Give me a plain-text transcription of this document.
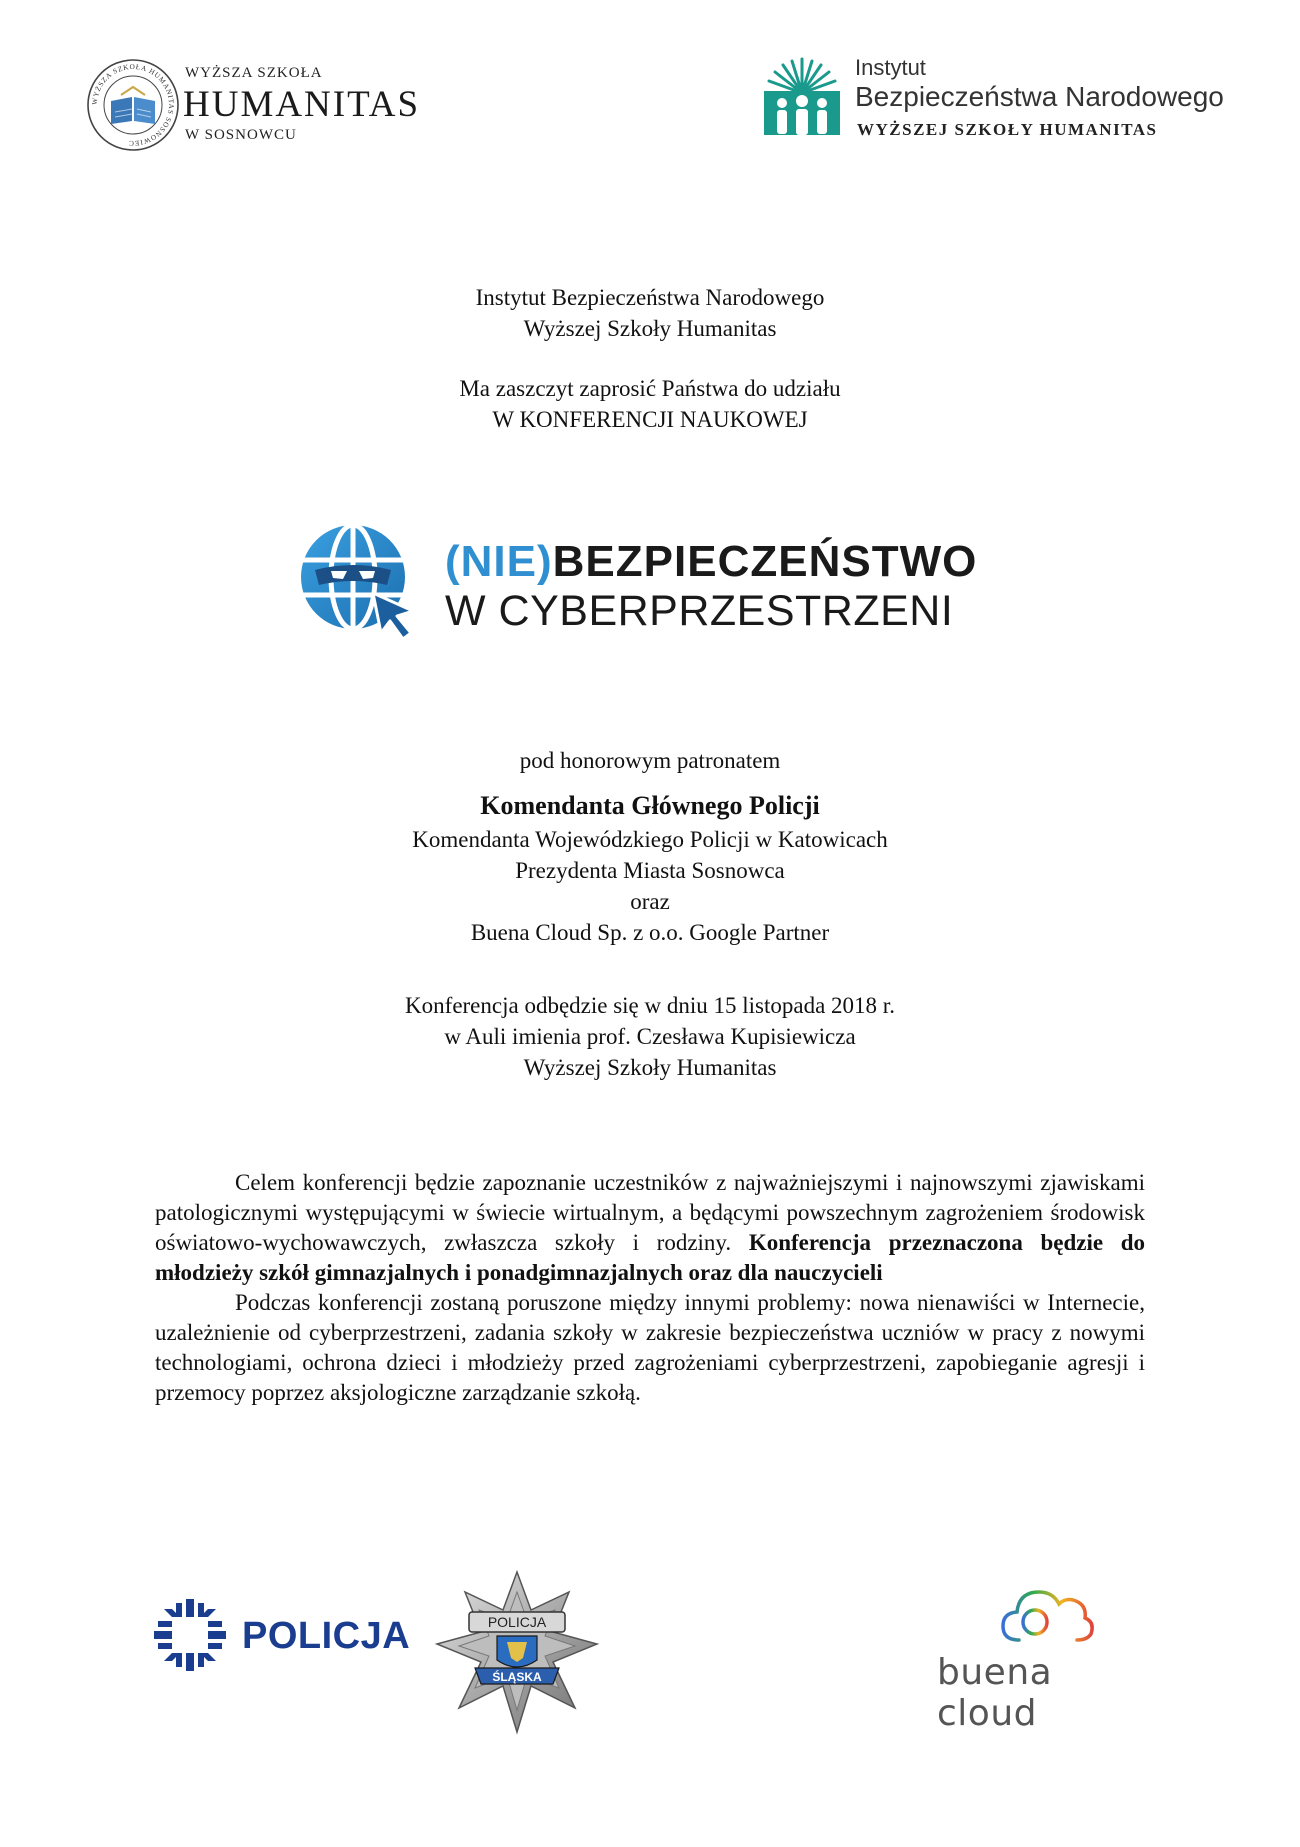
WYŻSZA SZKOŁA HUMANITAS SOSNOWIEC
WYŻSZA SZKOŁA
HUMANITAS
W SOSNOWCU
Instytut
Bezpieczeństwa Narodowego
WYŻSZEJ SZKOŁY HUMANITAS
Instytut Bezpieczeństwa Narodowego
Wyższej Szkoły Humanitas
Ma zaszczyt zaprosić Państwa do udziału
W KONFERENCJI NAUKOWEJ
(NIE)BEZPIECZEŃSTWO
W CYBERPRZESTRZENI
pod honorowym patronatem
Komendanta Głównego Policji
Komendanta Wojewódzkiego Policji w Katowicach
Prezydenta Miasta Sosnowca
oraz
Buena Cloud Sp. z o.o. Google Partner
Konferencja odbędzie się w dniu 15 listopada 2018 r.
w Auli imienia prof. Czesława Kupisiewicza
Wyższej Szkoły Humanitas

Celem konferencji będzie zapoznanie uczestników z najważniejszymi i najnowszymi zjawiskami patologicznymi występującymi w świecie wirtualnym, a będącymi powszechnym zagrożeniem środowisk oświatowo-wychowawczych, zwłaszcza szkoły i rodziny. Konferencja przeznaczona będzie do młodzieży szkół gimnazjalnych i ponadgimnazjalnych oraz dla nauczycieli

Podczas konferencji zostaną poruszone między innymi problemy: nowa nienawiści w Internecie, uzależnienie od cyberprzestrzeni, zadania szkoły w zakresie bezpieczeństwa uczniów w pracy z nowymi technologiami, ochrona dzieci i młodzieży przed zagrożeniami cyberprzestrzeni, zapobieganie agresji i przemocy poprzez aksjologiczne zarządzanie szkołą.

POLICJA	POLICJA
ŚLĄSKA	buena cloud
